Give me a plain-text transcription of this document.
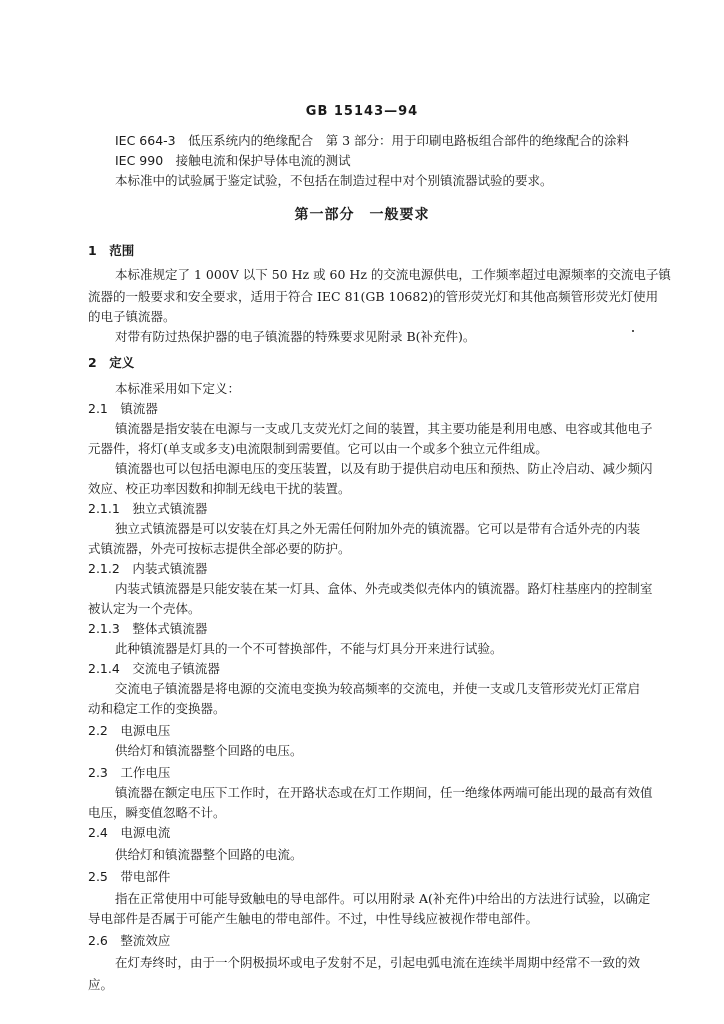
GB 15143—94
IEC 664-3　 低压系统内的绝缘配合　第 3 部分：用于印刷电路板组合部件的绝缘配合的涂料
IEC 990　 接触电流和保护导体电流的测试
本标准中的试验属于鉴定试验，不包括在制造过程中对个别镇流器试验的要求。
第一部分　一般要求
1　 范围
本标准规定了 1 000V 以下 50 Hz 或 60 Hz 的交流电源供电，工作频率超过电源频率的交流电子镇
流器的一般要求和安全要求，适用于符合 IEC 81(GB 10682)的管形荧光灯和其他高频管形荧光灯使用
的电子镇流器。
对带有防过热保护器的电子镇流器的特殊要求见附录 B(补充件)。
2　 定义
本标准采用如下定义：
2.1　 镇流器
镇流器是指安装在电源与一支或几支荧光灯之间的装置，其主要功能是利用电感、电容或其他电子
元器件，将灯(单支或多支)电流限制到需要值。它可以由一个或多个独立元件组成。
镇流器也可以包括电源电压的变压装置，以及有助于提供启动电压和预热、防止冷启动、减少频闪
效应、校正功率因数和抑制无线电干扰的装置。
2.1.1　 独立式镇流器
独立式镇流器是可以安装在灯具之外无需任何附加外壳的镇流器。它可以是带有合适外壳的内装
式镇流器，外壳可按标志提供全部必要的防护。
2.1.2　 内装式镇流器
内装式镇流器是只能安装在某一灯具、盒体、外壳或类似壳体内的镇流器。路灯柱基座内的控制室
被认定为一个壳体。
2.1.3　 整体式镇流器
此种镇流器是灯具的一个不可替换部件，不能与灯具分开来进行试验。
2.1.4　 交流电子镇流器
交流电子镇流器是将电源的交流电变换为较高频率的交流电，并使一支或几支管形荧光灯正常启
动和稳定工作的变换器。
2.2　 电源电压
供给灯和镇流器整个回路的电压。
2.3　 工作电压
镇流器在额定电压下工作时，在开路状态或在灯工作期间，任一绝缘体两端可能出现的最高有效值
电压，瞬变值忽略不计。
2.4　 电源电流
供给灯和镇流器整个回路的电流。
2.5　 带电部件
指在正常使用中可能导致触电的导电部件。可以用附录 A(补充件)中给出的方法进行试验，以确定
导电部件是否属于可能产生触电的带电部件。不过，中性导线应被视作带电部件。
2.6　 整流效应
在灯寿终时，由于一个阴极损坏或电子发射不足，引起电弧电流在连续半周期中经常不一致的效
应。
